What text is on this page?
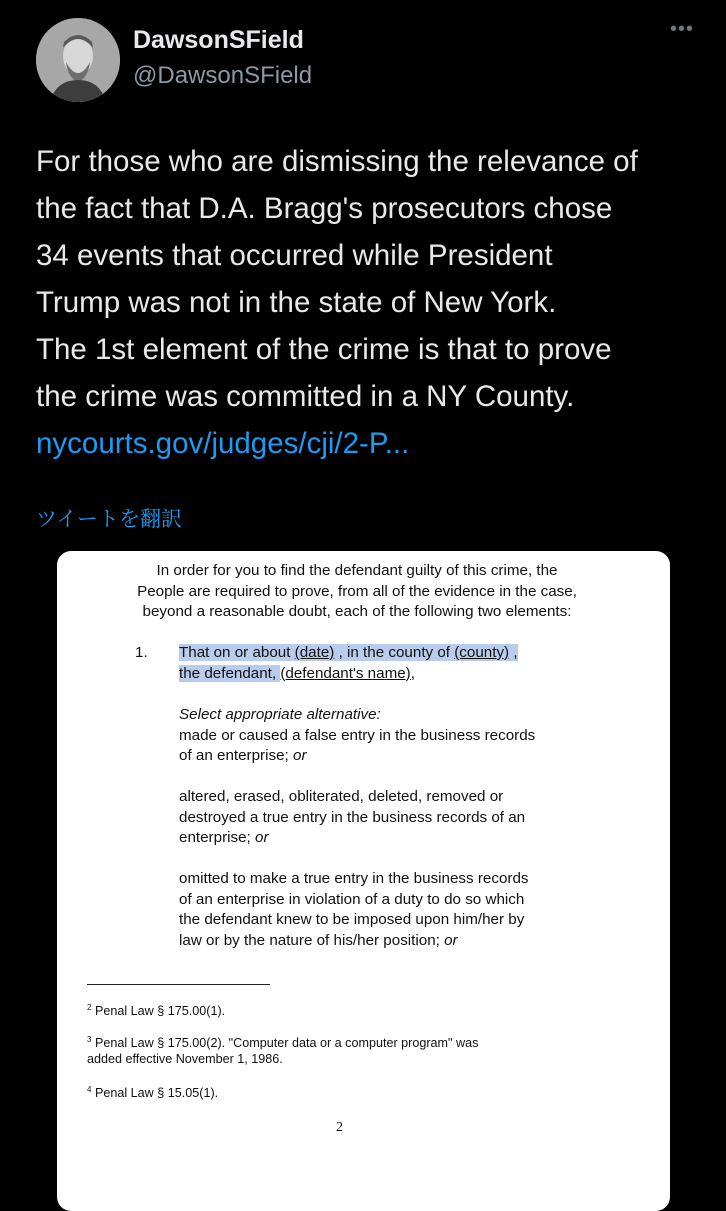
DawsonSField
@DawsonSField
•••

For those who are dismissing the relevance of
the fact that D.A. Bragg's prosecutors chose
34 events that occurred while President
Trump was not in the state of New York.
The 1st element of the crime is that to prove
the crime was committed in a NY County.
nycourts.gov/judges/cji/2-P...

ツイートを翻訳

In order for you to find the defendant guilty of this crime, the
People are required to prove, from all of the evidence in the case,
beyond a reasonable doubt, each of the following two elements:

1. That on or about (date) , in the county of (county) ,
the defendant, (defendant's name),

Select appropriate alternative:
made or caused a false entry in the business records
of an enterprise; or

altered, erased, obliterated, deleted, removed or
destroyed a true entry in the business records of an
enterprise; or

omitted to make a true entry in the business records
of an enterprise in violation of a duty to do so which
the defendant knew to be imposed upon him/her by
law or by the nature of his/her position; or

$^2$ Penal Law § 175.00(1).

$^3$ Penal Law § 175.00(2). "Computer data or a computer program" was
added effective November 1, 1986.

$^4$ Penal Law § 15.05(1).

2
